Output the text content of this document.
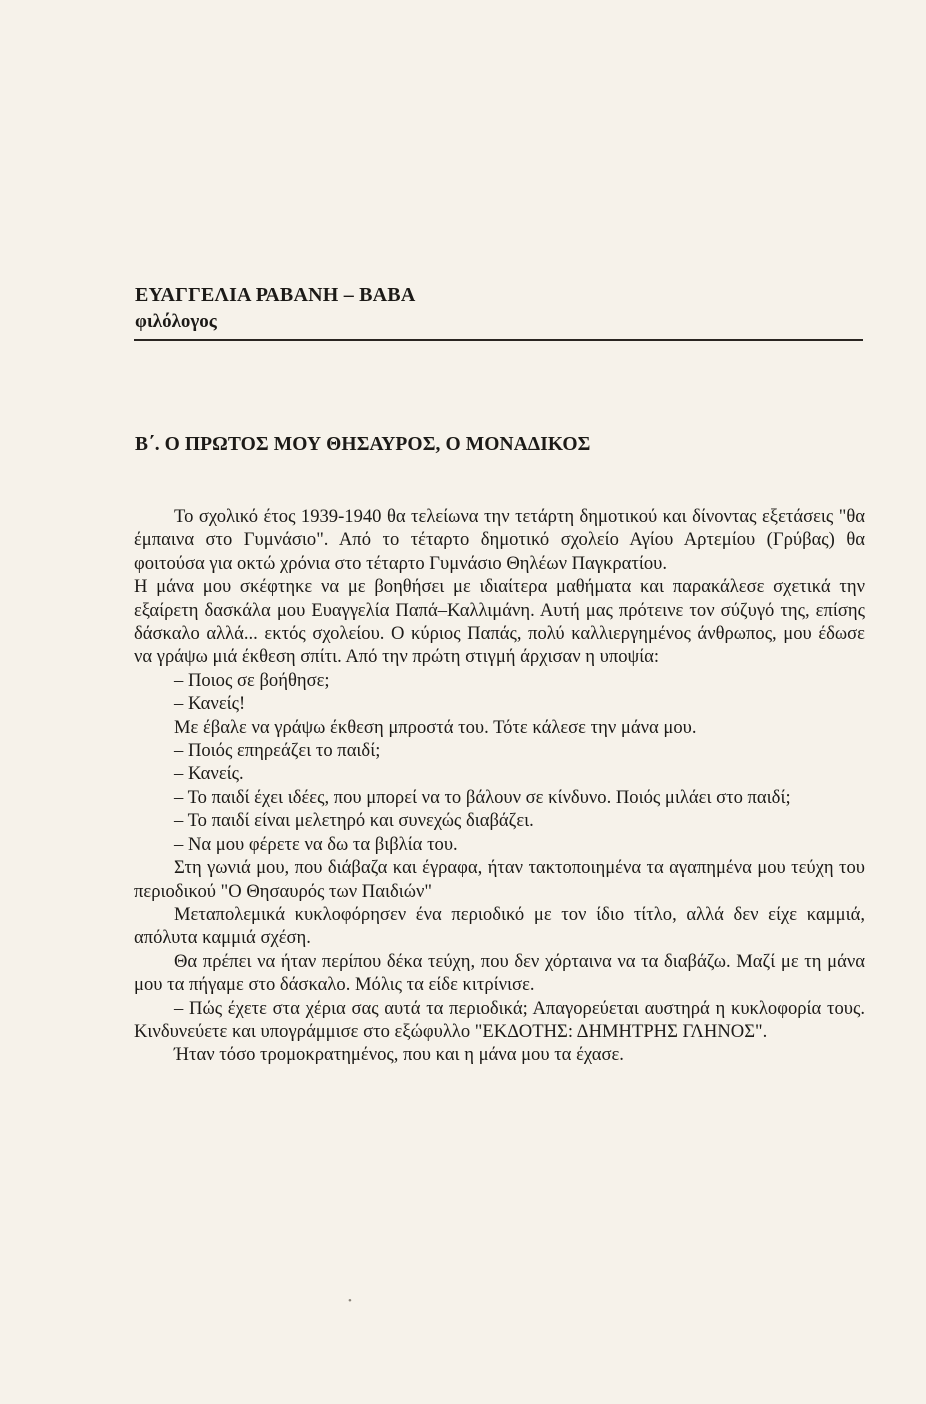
ΕΥΑΓΓΕΛΙΑ ΡΑΒΑΝΗ – ΒΑΒΑ
φιλόλογος
Β΄. Ο ΠΡΩΤΟΣ ΜΟΥ ΘΗΣΑΥΡΟΣ, Ο ΜΟΝΑΔΙΚΟΣ

Το σχολικό έτος 1939-1940 θα τελείωνα την τετάρτη δημοτικού και δίνοντας εξετάσεις "θα έμπαινα στο Γυμνάσιο". Από το τέταρτο δημοτικό σχολείο Αγίου Αρτεμίου (Γρύβας) θα φοιτούσα για οκτώ χρόνια στο τέταρτο Γυμνάσιο Θηλέων Παγκρατίου.

Η μάνα μου σκέφτηκε να με βοηθήσει με ιδιαίτερα μαθήματα και παρακάλεσε σχετικά την εξαίρετη δασκάλα μου Ευαγγελία Παπά–Καλλιμάνη. Αυτή μας πρότεινε τον σύζυγό της, επίσης δάσκαλο αλλά... εκτός σχολείου. Ο κύριος Παπάς, πολύ καλλιεργημένος άνθρωπος, μου έδωσε να γράψω μιά έκθεση σπίτι. Από την πρώτη στιγμή άρχισαν η υποψία:

– Ποιος σε βοήθησε;

– Κανείς!

Με έβαλε να γράψω έκθεση μπροστά του. Τότε κάλεσε την μάνα μου.

– Ποιός επηρεάζει το παιδί;

– Κανείς.

– Το παιδί έχει ιδέες, που μπορεί να το βάλουν σε κίνδυνο. Ποιός μιλάει στο παιδί;

– Το παιδί είναι μελετηρό και συνεχώς διαβάζει.

– Να μου φέρετε να δω τα βιβλία του.

Στη γωνιά μου, που διάβαζα και έγραφα, ήταν τακτοποιημένα τα αγαπημένα μου τεύχη του περιοδικού "Ο Θησαυρός των Παιδιών"

Μεταπολεμικά κυκλοφόρησεν ένα περιοδικό με τον ίδιο τίτλο, αλλά δεν είχε καμμιά, απόλυτα καμμιά σχέση.

Θα πρέπει να ήταν περίπου δέκα τεύχη, που δεν χόρταινα να τα διαβάζω. Μαζί με τη μάνα μου τα πήγαμε στο δάσκαλο. Μόλις τα είδε κιτρίνισε.

– Πώς έχετε στα χέρια σας αυτά τα περιοδικά; Απαγορεύεται αυστηρά η κυκλοφορία τους. Κινδυνεύετε και υπογράμμισε στο εξώφυλλο "ΕΚΔΟΤΗΣ: ΔΗΜΗΤΡΗΣ ΓΛΗΝΟΣ".

Ήταν τόσο τρομοκρατημένος, που και η μάνα μου τα έχασε.

•
